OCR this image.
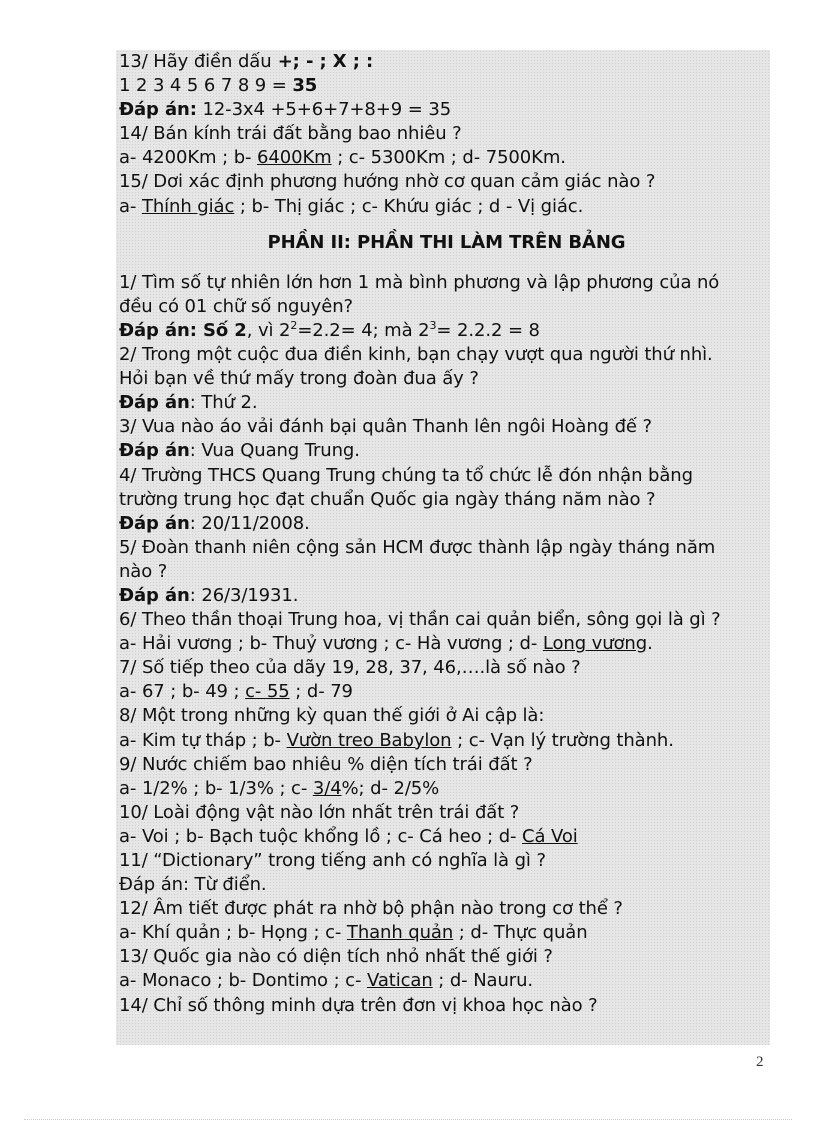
13/ Hãy điền dấu +; - ; X ; :
1 2 3 4 5 6 7 8 9 = 35
Đáp án: 12-3x4 +5+6+7+8+9 = 35
14/ Bán kính trái đất bằng bao nhiêu ?
a- 4200Km ; b- 6400Km ; c- 5300Km ; d- 7500Km.
15/ Dơi xác định phương hướng nhờ cơ quan cảm giác nào ?
a- Thính giác ; b- Thị giác ; c- Khứu giác ; d - Vị giác.
PHẦN II: PHẦN THI LÀM TRÊN BẢNG
1/ Tìm số tự nhiên lớn hơn 1 mà bình phương và lập phương của nó
đều có 01 chữ số nguyên?
Đáp án: Số 2, vì $2^2=2.2= 4$; mà $2^3= 2.2.2 = 8$
2/ Trong một cuộc đua điền kinh, bạn chạy vượt qua người thứ nhì.
Hỏi bạn về thứ mấy trong đoàn đua ấy ?
Đáp án: Thứ 2.
3/ Vua nào áo vải đánh bại quân Thanh lên ngôi Hoàng đế ?
Đáp án: Vua Quang Trung.
4/ Trường THCS Quang Trung chúng ta tổ chức lễ đón nhận bằng
trường trung học đạt chuẩn Quốc gia ngày tháng năm nào ?
Đáp án: 20/11/2008.
5/ Đoàn thanh niên cộng sản HCM được thành lập ngày tháng năm
nào ?
Đáp án: 26/3/1931.
6/ Theo thần thoại Trung hoa, vị thần cai quản biển, sông gọi là gì ?
a- Hải vương ; b- Thuỷ vương ; c- Hà vương ; d- Long vương.
7/ Số tiếp theo của dãy 19, 28, 37, 46,….là số nào ?
a- 67 ; b- 49 ; c- 55 ; d- 79
8/ Một trong những kỳ quan thế giới ở Ai cập là:
a- Kim tự tháp ; b- Vườn treo Babylon ; c- Vạn lý trường thành.
9/ Nước chiếm bao nhiêu % diện tích trái đất ?
a- 1/2% ; b- 1/3% ; c- 3/4%; d- 2/5%
10/ Loài động vật nào lớn nhất trên trái đất ?
a- Voi ; b- Bạch tuộc khổng lồ ; c- Cá heo ; d- Cá Voi
11/ “Dictionary” trong tiếng anh có nghĩa là gì ?
Đáp án: Từ điển.
12/ Âm tiết được phát ra nhờ bộ phận nào trong cơ thể ?
a- Khí quản ; b- Họng ; c- Thanh quản ; d- Thực quản
13/ Quốc gia nào có diện tích nhỏ nhất thế giới ?
a- Monaco ; b- Dontimo ; c- Vatican ; d- Nauru.
14/ Chỉ số thông minh dựa trên đơn vị khoa học nào ?
2
